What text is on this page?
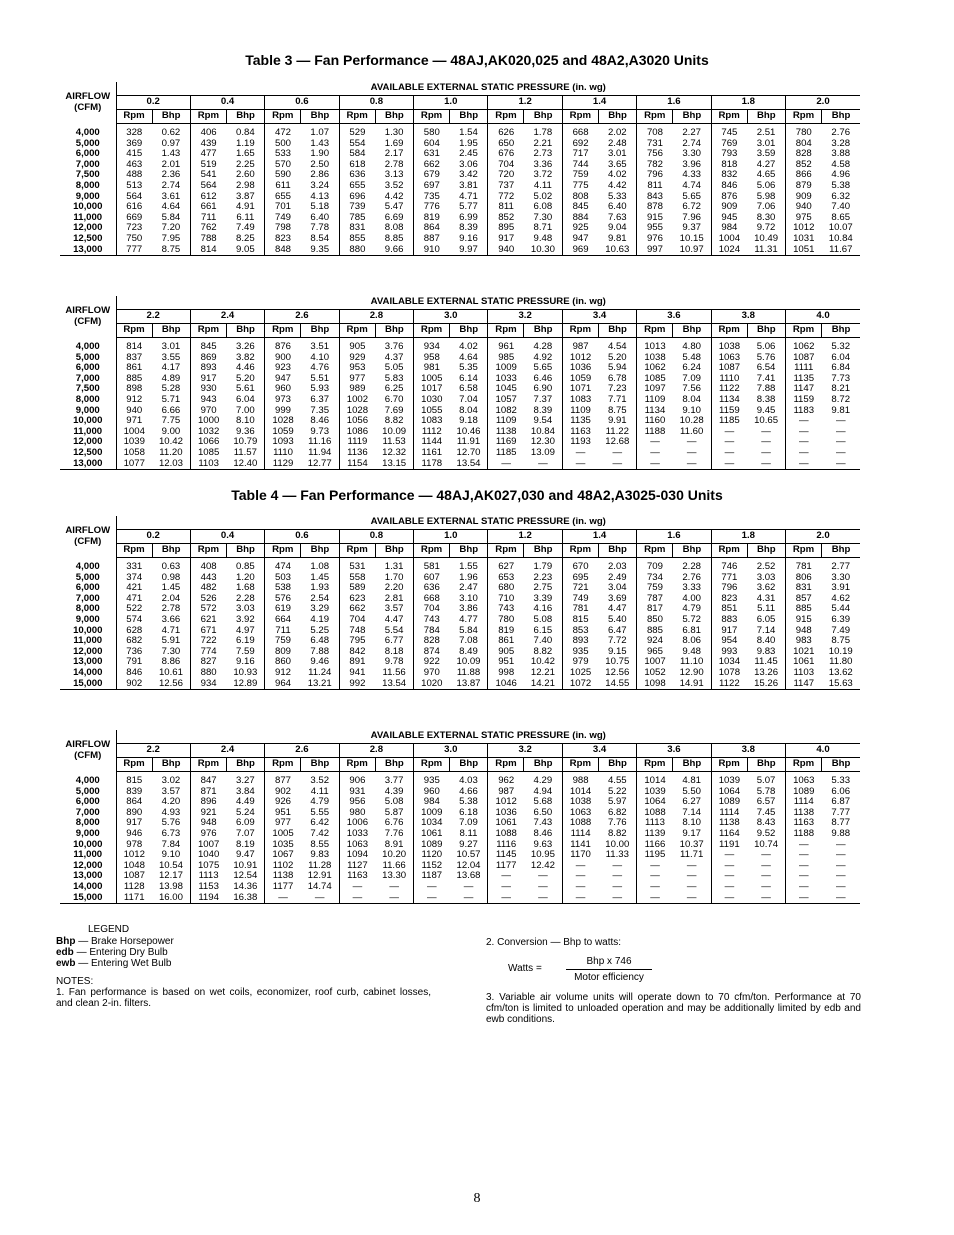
Table 3 — Fan Performance — 48AJ,AK020,025 and 48A2,A3020 Units
Table 4 — Fan Performance — 48AJ,AK027,030 and 48A2,A3025-030 Units
AIRFLOW
(CFM)	AVAILABLE EXTERNAL STATIC PRESSURE (in. wg)																			
	0.2		0.4		0.6		0.8		1.0		1.2		1.4		1.6		1.8		2.0	
	Rpm	Bhp	Rpm	Bhp	Rpm	Bhp	Rpm	Bhp	Rpm	Bhp	Rpm	Bhp	Rpm	Bhp	Rpm	Bhp	Rpm	Bhp	Rpm	Bhp

4,000	328	0.62	406	0.84	472	1.07	529	1.30	580	1.54	626	1.78	668	2.02	708	2.27	745	2.51	780	2.76
5,000	369	0.97	439	1.19	500	1.43	554	1.69	604	1.95	650	2.21	692	2.48	731	2.74	769	3.01	804	3.28
6,000	415	1.43	477	1.65	533	1.90	584	2.17	631	2.45	676	2.73	717	3.01	756	3.30	793	3.59	828	3.88
7,000	463	2.01	519	2.25	570	2.50	618	2.78	662	3.06	704	3.36	744	3.65	782	3.96	818	4.27	852	4.58
7,500	488	2.36	541	2.60	590	2.86	636	3.13	679	3.42	720	3.72	759	4.02	796	4.33	832	4.65	866	4.96
8,000	513	2.74	564	2.98	611	3.24	655	3.52	697	3.81	737	4.11	775	4.42	811	4.74	846	5.06	879	5.38
9,000	564	3.61	612	3.87	655	4.13	696	4.42	735	4.71	772	5.02	808	5.33	843	5.65	876	5.98	909	6.32
10,000	616	4.64	661	4.91	701	5.18	739	5.47	776	5.77	811	6.08	845	6.40	878	6.72	909	7.06	940	7.40
11,000	669	5.84	711	6.11	749	6.40	785	6.69	819	6.99	852	7.30	884	7.63	915	7.96	945	8.30	975	8.65
12,000	723	7.20	762	7.49	798	7.78	831	8.08	864	8.39	895	8.71	925	9.04	955	9.37	984	9.72	1012	10.07
12,500	750	7.95	788	8.25	823	8.54	855	8.85	887	9.16	917	9.48	947	9.81	976	10.15	1004	10.49	1031	10.84
13,000	777	8.75	814	9.05	848	9.35	880	9.66	910	9.97	940	10.30	969	10.63	997	10.97	1024	11.31	1051	11.67
AIRFLOW
(CFM)	AVAILABLE EXTERNAL STATIC PRESSURE (in. wg)																			
	2.2		2.4		2.6		2.8		3.0		3.2		3.4		3.6		3.8		4.0	
	Rpm	Bhp	Rpm	Bhp	Rpm	Bhp	Rpm	Bhp	Rpm	Bhp	Rpm	Bhp	Rpm	Bhp	Rpm	Bhp	Rpm	Bhp	Rpm	Bhp

4,000	814	3.01	845	3.26	876	3.51	905	3.76	934	4.02	961	4.28	987	4.54	1013	4.80	1038	5.06	1062	5.32
5,000	837	3.55	869	3.82	900	4.10	929	4.37	958	4.64	985	4.92	1012	5.20	1038	5.48	1063	5.76	1087	6.04
6,000	861	4.17	893	4.46	923	4.76	953	5.05	981	5.35	1009	5.65	1036	5.94	1062	6.24	1087	6.54	1111	6.84
7,000	885	4.89	917	5.20	947	5.51	977	5.83	1005	6.14	1033	6.46	1059	6.78	1085	7.09	1110	7.41	1135	7.73
7,500	898	5.28	930	5.61	960	5.93	989	6.25	1017	6.58	1045	6.90	1071	7.23	1097	7.56	1122	7.88	1147	8.21
8,000	912	5.71	943	6.04	973	6.37	1002	6.70	1030	7.04	1057	7.37	1083	7.71	1109	8.04	1134	8.38	1159	8.72
9,000	940	6.66	970	7.00	999	7.35	1028	7.69	1055	8.04	1082	8.39	1109	8.75	1134	9.10	1159	9.45	1183	9.81
10,000	971	7.75	1000	8.10	1028	8.46	1056	8.82	1083	9.18	1109	9.54	1135	9.91	1160	10.28	1185	10.65	—	—
11,000	1004	9.00	1032	9.36	1059	9.73	1086	10.09	1112	10.46	1138	10.84	1163	11.22	1188	11.60	—	—	—	—
12,000	1039	10.42	1066	10.79	1093	11.16	1119	11.53	1144	11.91	1169	12.30	1193	12.68	—	—	—	—	—	—
12,500	1058	11.20	1085	11.57	1110	11.94	1136	12.32	1161	12.70	1185	13.09	—	—	—	—	—	—	—	—
13,000	1077	12.03	1103	12.40	1129	12.77	1154	13.15	1178	13.54	—	—	—	—	—	—	—	—	—	—
AIRFLOW
(CFM)	AVAILABLE EXTERNAL STATIC PRESSURE (in. wg)																			
	0.2		0.4		0.6		0.8		1.0		1.2		1.4		1.6		1.8		2.0	
	Rpm	Bhp	Rpm	Bhp	Rpm	Bhp	Rpm	Bhp	Rpm	Bhp	Rpm	Bhp	Rpm	Bhp	Rpm	Bhp	Rpm	Bhp	Rpm	Bhp

4,000	331	0.63	408	0.85	474	1.08	531	1.31	581	1.55	627	1.79	670	2.03	709	2.28	746	2.52	781	2.77
5,000	374	0.98	443	1.20	503	1.45	558	1.70	607	1.96	653	2.23	695	2.49	734	2.76	771	3.03	806	3.30
6,000	421	1.45	482	1.68	538	1.93	589	2.20	636	2.47	680	2.75	721	3.04	759	3.33	796	3.62	831	3.91
7,000	471	2.04	526	2.28	576	2.54	623	2.81	668	3.10	710	3.39	749	3.69	787	4.00	823	4.31	857	4.62
8,000	522	2.78	572	3.03	619	3.29	662	3.57	704	3.86	743	4.16	781	4.47	817	4.79	851	5.11	885	5.44
9,000	574	3.66	621	3.92	664	4.19	704	4.47	743	4.77	780	5.08	815	5.40	850	5.72	883	6.05	915	6.39
10,000	628	4.71	671	4.97	711	5.25	748	5.54	784	5.84	819	6.15	853	6.47	885	6.81	917	7.14	948	7.49
11,000	682	5.91	722	6.19	759	6.48	795	6.77	828	7.08	861	7.40	893	7.72	924	8.06	954	8.40	983	8.75
12,000	736	7.30	774	7.59	809	7.88	842	8.18	874	8.49	905	8.82	935	9.15	965	9.48	993	9.83	1021	10.19
13,000	791	8.86	827	9.16	860	9.46	891	9.78	922	10.09	951	10.42	979	10.75	1007	11.10	1034	11.45	1061	11.80
14,000	846	10.61	880	10.93	912	11.24	941	11.56	970	11.88	998	12.21	1025	12.56	1052	12.90	1078	13.26	1103	13.62
15,000	902	12.56	934	12.89	964	13.21	992	13.54	1020	13.87	1046	14.21	1072	14.55	1098	14.91	1122	15.26	1147	15.63
AIRFLOW
(CFM)	AVAILABLE EXTERNAL STATIC PRESSURE (in. wg)																			
	2.2		2.4		2.6		2.8		3.0		3.2		3.4		3.6		3.8		4.0	
	Rpm	Bhp	Rpm	Bhp	Rpm	Bhp	Rpm	Bhp	Rpm	Bhp	Rpm	Bhp	Rpm	Bhp	Rpm	Bhp	Rpm	Bhp	Rpm	Bhp

4,000	815	3.02	847	3.27	877	3.52	906	3.77	935	4.03	962	4.29	988	4.55	1014	4.81	1039	5.07	1063	5.33
5,000	839	3.57	871	3.84	902	4.11	931	4.39	960	4.66	987	4.94	1014	5.22	1039	5.50	1064	5.78	1089	6.06
6,000	864	4.20	896	4.49	926	4.79	956	5.08	984	5.38	1012	5.68	1038	5.97	1064	6.27	1089	6.57	1114	6.87
7,000	890	4.93	921	5.24	951	5.55	980	5.87	1009	6.18	1036	6.50	1063	6.82	1088	7.14	1114	7.45	1138	7.77
8,000	917	5.76	948	6.09	977	6.42	1006	6.76	1034	7.09	1061	7.43	1088	7.76	1113	8.10	1138	8.43	1163	8.77
9,000	946	6.73	976	7.07	1005	7.42	1033	7.76	1061	8.11	1088	8.46	1114	8.82	1139	9.17	1164	9.52	1188	9.88
10,000	978	7.84	1007	8.19	1035	8.55	1063	8.91	1089	9.27	1116	9.63	1141	10.00	1166	10.37	1191	10.74	—	—
11,000	1012	9.10	1040	9.47	1067	9.83	1094	10.20	1120	10.57	1145	10.95	1170	11.33	1195	11.71	—	—	—	—
12,000	1048	10.54	1075	10.91	1102	11.28	1127	11.66	1152	12.04	1177	12.42	—	—	—	—	—	—	—	—
13,000	1087	12.17	1113	12.54	1138	12.91	1163	13.30	1187	13.68	—	—	—	—	—	—	—	—	—	—
14,000	1128	13.98	1153	14.36	1177	14.74	—	—	—	—	—	—	—	—	—	—	—	—	—	—
15,000	1171	16.00	1194	16.38	—	—	—	—	—	—	—	—	—	—	—	—	—	—	—	—
LEGEND
Bhp — Brake Horsepower
edb — Entering Dry Bulb
ewb — Entering Wet Bulb
NOTES:
1. Fan performance is based on wet coils, economizer, roof curb, cabinet losses, and clean 2-in. filters.
2. Conversion — Bhp to watts:
Watts =
Bhp x 746
Motor efficiency
3. Variable air volume units will operate down to 70 cfm/ton. Performance at 70 cfm/ton is limited to unloaded operation and may be additionally limited by edb and ewb conditions.
8
